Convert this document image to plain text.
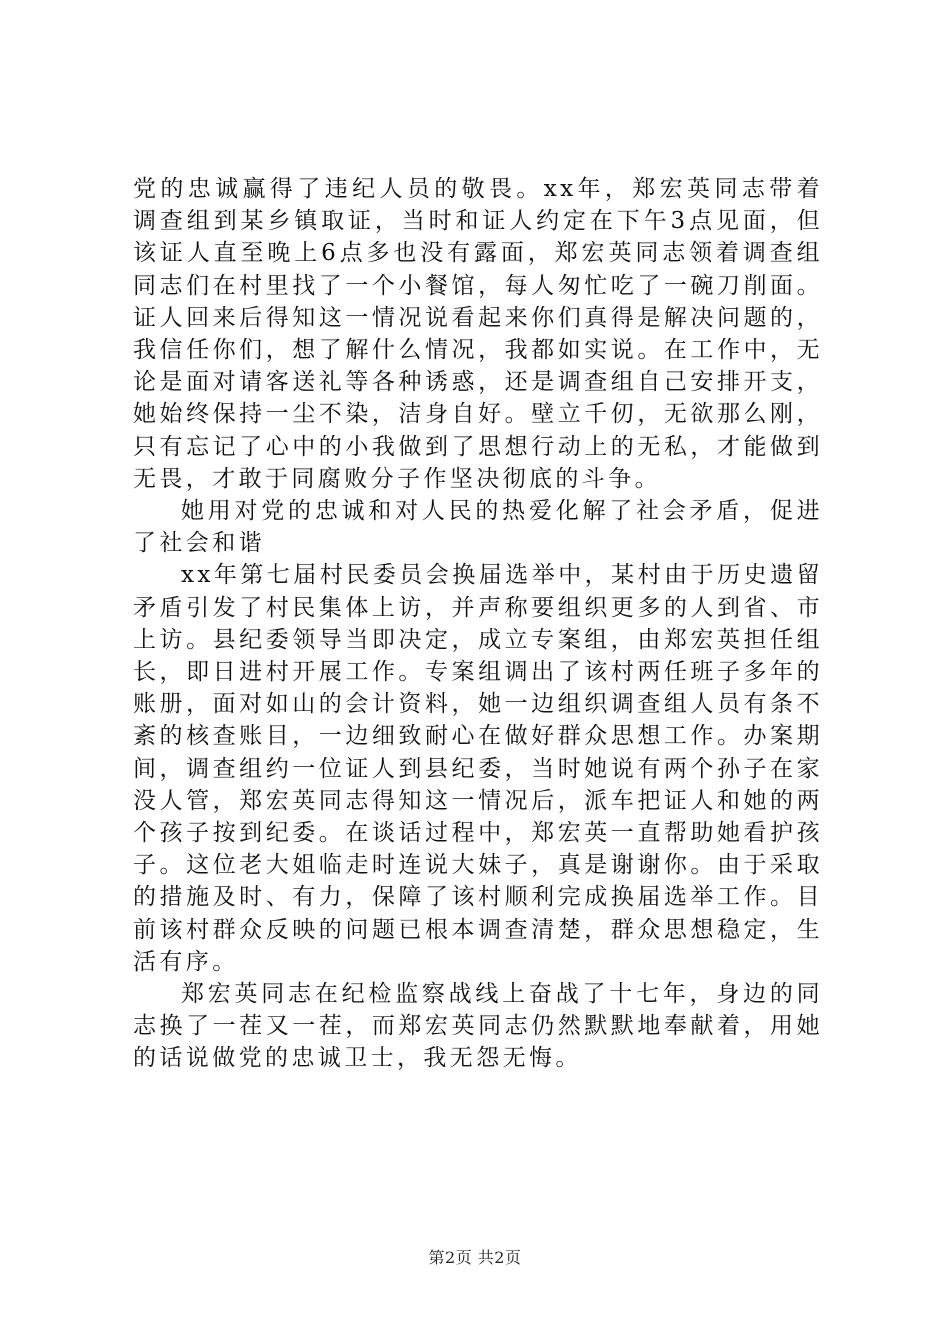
党的忠诚赢得了违纪人员的敬畏。xx年，郑宏英同志带着调查组到某乡镇取证，当时和证人约定在下午3点见面，但该证人直至晚上6点多也没有露面，郑宏英同志领着调查组同志们在村里找了一个小餐馆，每人匆忙吃了一碗刀削面。证人回来后得知这一情况说看起来你们真得是解决问题的，我信任你们，想了解什么情况，我都如实说。在工作中，无论是面对请客送礼等各种诱惑，还是调查组自己安排开支，她始终保持一尘不染，洁身自好。壁立千仞，无欲那么刚，只有忘记了心中的小我做到了思想行动上的无私，才能做到无畏，才敢于同腐败分子作坚决彻底的斗争。

她用对党的忠诚和对人民的热爱化解了社会矛盾，促进了社会和谐

xx年第七届村民委员会换届选举中，某村由于历史遗留矛盾引发了村民集体上访，并声称要组织更多的人到省、市上访。县纪委领导当即决定，成立专案组，由郑宏英担任组长，即日进村开展工作。专案组调出了该村两任班子多年的账册，面对如山的会计资料，她一边组织调查组人员有条不紊的核查账目，一边细致耐心在做好群众思想工作。办案期间，调查组约一位证人到县纪委，当时她说有两个孙子在家没人管，郑宏英同志得知这一情况后，派车把证人和她的两个孩子按到纪委。在谈话过程中，郑宏英一直帮助她看护孩子。这位老大姐临走时连说大妹子，真是谢谢你。由于采取的措施及时、有力，保障了该村顺利完成换届选举工作。目前该村群众反映的问题已根本调查清楚，群众思想稳定，生活有序。

郑宏英同志在纪检监察战线上奋战了十七年，身边的同志换了一茬又一茬，而郑宏英同志仍然默默地奉献着，用她的话说做党的忠诚卫士，我无怨无悔。

第2页 共2页
